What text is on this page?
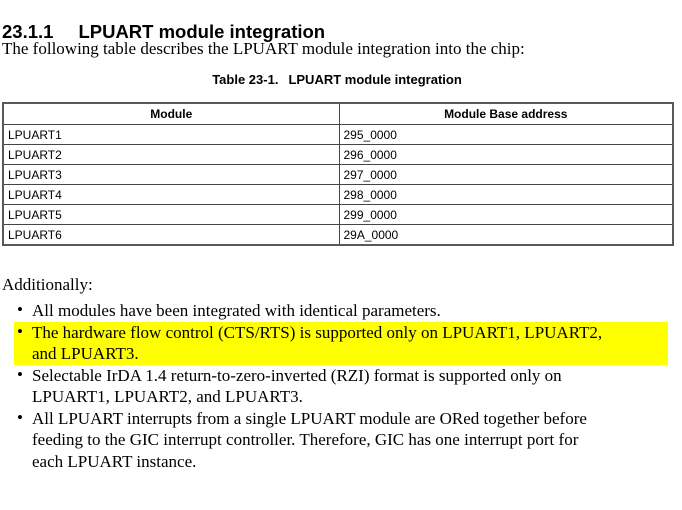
23.1.1 LPUART module integration

The following table describes the LPUART module integration into the chip:

Table 23-1. LPUART module integration
Module	Module Base address
LPUART1	295_0000
LPUART2	296_0000
LPUART3	297_0000
LPUART4	298_0000
LPUART5	299_0000
LPUART6	29A_0000

Additionally:

• All modules have been integrated with identical parameters.
• The hardware flow control (CTS/RTS) is supported only on LPUART1, LPUART2,
and LPUART3.
• Selectable IrDA 1.4 return-to-zero-inverted (RZI) format is supported only on
LPUART1, LPUART2, and LPUART3.
• All LPUART interrupts from a single LPUART module are ORed together before
feeding to the GIC interrupt controller. Therefore, GIC has one interrupt port for
each LPUART instance.
